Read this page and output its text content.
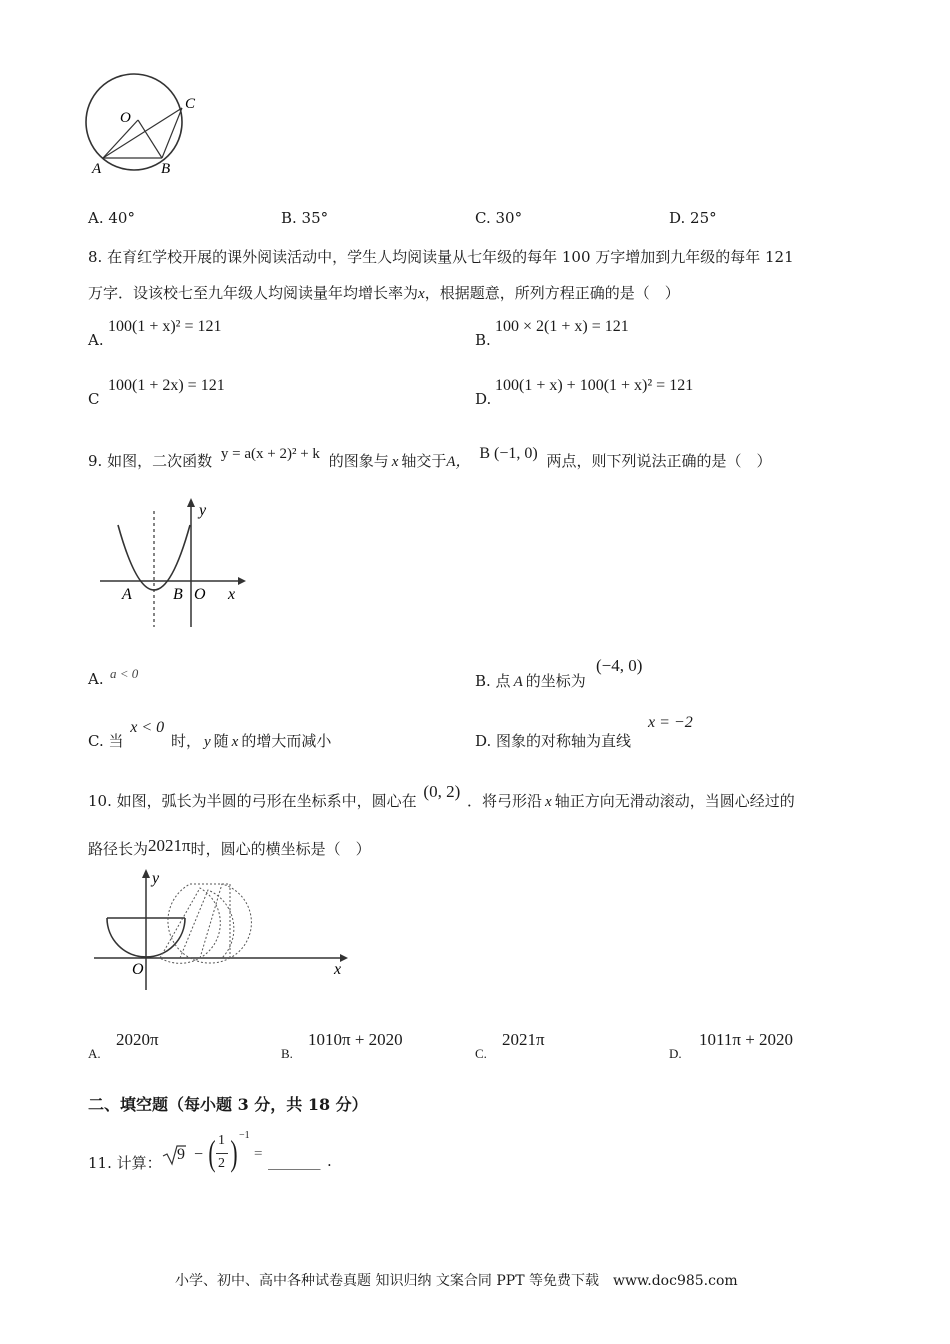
O
A	B
C
A. 40°	B. 35°	C. 30°	D. 25°
8. 在育红学校开展的课外阅读活动中，学生人均阅读量从七年级的每年 100 万字增加到九年级的每年 121
万字．设该校七至九年级人均阅读量年均增长率为x，根据题意，所列方程正确的是（　）
A.
100(1 + x)² = 121
B.
100 × 2(1 + x) = 121
C
100(1 + 2x) = 121
D.
100(1 + x) + 100(1 + x)² = 121
9. 如图，二次函数 y = a(x + 2)² + k 的图象与 x 轴交于A， B (−1, 0) 两点，则下列说法正确的是（　）
y
x
A	B O
A. a < 0	B. 点 A 的坐标为
(−4, 0)
C. 当 x < 0 时， y 随 x 的增大而减小	D. 图象的对称轴为直线
x = −2
10. 如图，弧长为半圆的弓形在坐标系中，圆心在 (0, 2) ．将弓形沿 x 轴正方向无滑动滚动，当圆心经过的
路径长为2021π时，圆心的横坐标是（　）
y
O	x
A.
2020π
B.
1010π + 2020
C.
2021π
D.
1011π + 2020
二、填空题（每小题 3 分，共 18 分）
11. 计算： 9 − ( 1
2 ) −1
= _______ .
小学、初中、高中各种试卷真题 知识归纳 文案合同 PPT 等免费下载　www.doc985.com
